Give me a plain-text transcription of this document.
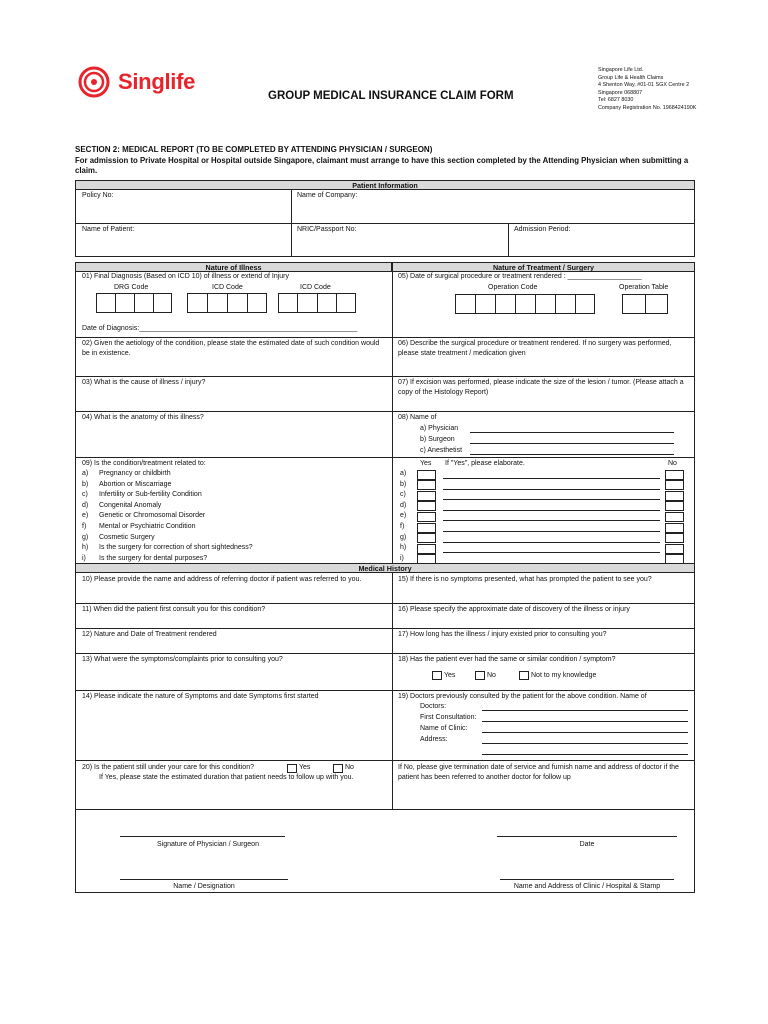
Singlife
GROUP MEDICAL INSURANCE CLAIM FORM
Singapore Life Ltd.
Group Life & Health Claims
4 Shenton Way, #01-01 SGX Centre 2
Singapore 068807
Tel: 6827 8030
Company Registration No. 1968424190K
SECTION 2: MEDICAL REPORT (TO BE COMPLETED BY ATTENDING PHYSICIAN / SURGEON)
For admission to Private Hospital or Hospital outside Singapore, claimant must arrange to have this section completed by the Attending Physician when submitting a claim.
Patient Information
Policy No:	Name of Company:
Name of Patient:	NRIC/Passport No:	Admission Period:
Nature of Illness	Nature of Treatment / Surgery
01) Final Diagnosis (Based on ICD 10) of illness or extend of Injury
DRG Code	ICD Code	ICD Code
Date of Diagnosis:________________________________________________________
05) Date of surgical procedure or treatment rendered : ___________________
Operation Code	Operation Table
02) Given the aetiology of the condition, please state the estimated date of such condition would be in existence.
06) Describe the surgical procedure or treatment rendered. If no surgery was performed, please state treatment / medication given
03) What is the cause of illness / injury?	07) If excision was performed, please indicate the size of the lesion / tumor. (Please attach a copy of the Histology Report)
04) What is the anatomy of this illness?	08) Name of
a) Physician
b) Surgeon
c) Anesthetist
09) Is the condition/treatment related to:
a) Pregnancy or childbirth
b) Abortion or Miscarriage
c) Infertility or Sub-fertility Condition
d) Congenital Anomaly
e) Genetic or Chromosomal Disorder
f) Mental or Psychiatric Condition
g) Cosmetic Surgery
h) Is the surgery for correction of short sightedness?
i) Is the surgery for dental purposes?
Yes If "Yes", please elaborate.	No
a)
b)
c)
d)
e)
f)
g)
h)
i)
Medical History
10) Please provide the name and address of referring doctor if patient was referred to you.	15) If there is no symptoms presented, what has prompted the patient to see you?
11) When did the patient first consult you for this condition?	16) Please specify the approximate date of discovery of the illness or injury
12) Nature and Date of Treatment rendered	17) How long has the illness / injury existed prior to consulting you?
13) What were the symptoms/complaints prior to consulting you?	18) Has the patient ever had the same or similar condition / symptom?
Yes	No	Not to my knowledge
14) Please indicate the nature of Symptoms and date Symptoms first started	19) Doctors previously consulted by the patient for the above condition. Name of
Doctors:
First Consultation:
Name of Clinic:
Address:
20) Is the patient still under your care for this condition?	Yes	No
If Yes, please state the estimated duration that patient needs to follow up with you.
If No, please give termination date of service and furnish name and address of doctor if the patient has been referred to another doctor for follow up
Signature of Physician / Surgeon	Date
Name / Designation	Name and Address of Clinic / Hospital & Stamp
